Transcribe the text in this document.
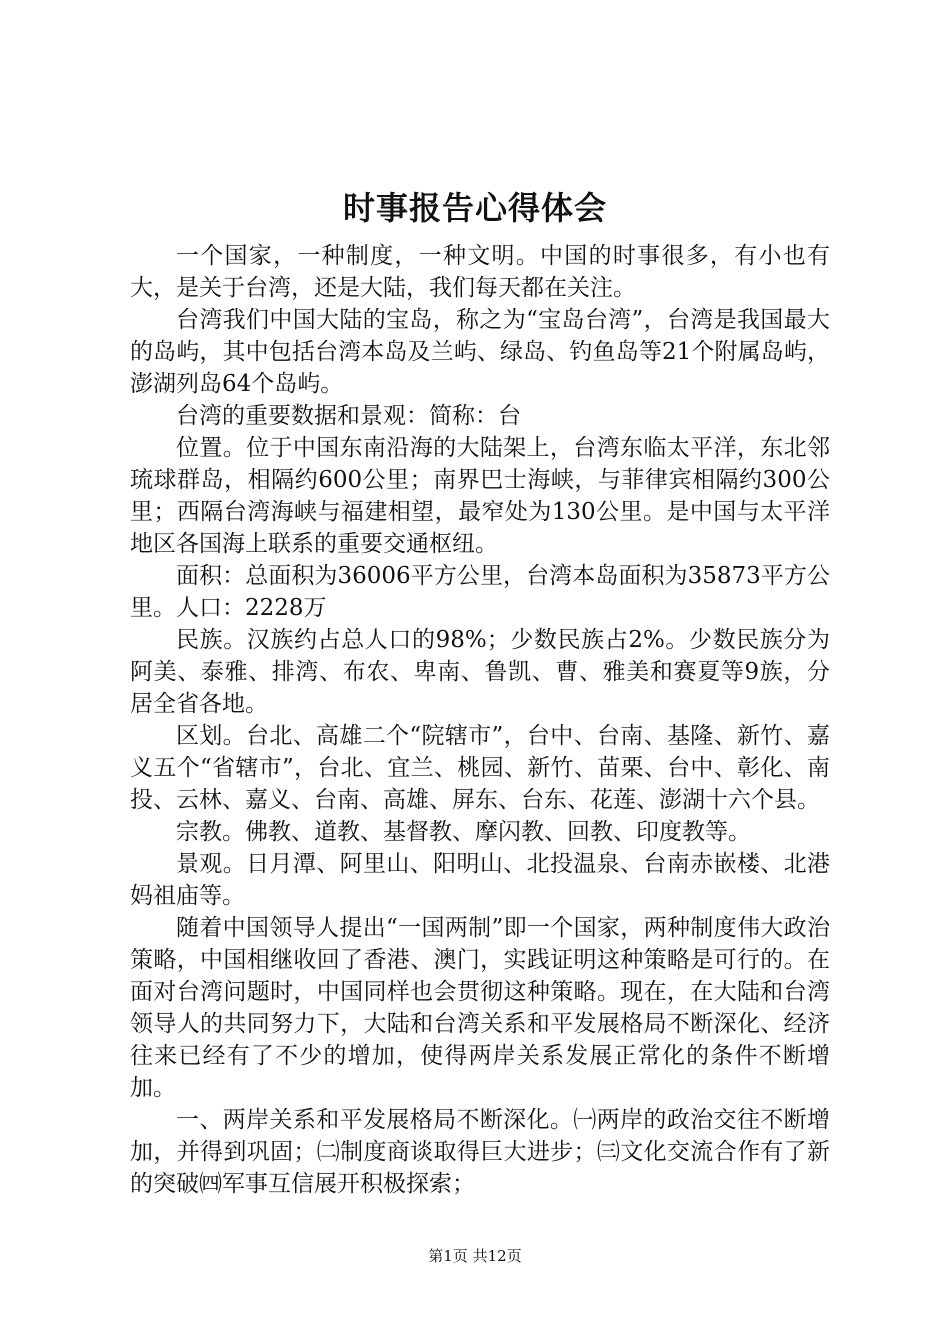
时事报告心得体会

一个国家，一种制度，一种文明。中国的时事很多，有小也有大，是关于台湾，还是大陆，我们每天都在关注。

台湾我们中国大陆的宝岛，称之为“宝岛台湾”，台湾是我国最大的岛屿，其中包括台湾本岛及兰屿、绿岛、钓鱼岛等21个附属岛屿，澎湖列岛64个岛屿。

台湾的重要数据和景观：简称：台

位置。位于中国东南沿海的大陆架上，台湾东临太平洋，东北邻琉球群岛，相隔约600公里；南界巴士海峡，与菲律宾相隔约300公里；西隔台湾海峡与福建相望，最窄处为130公里。是中国与太平洋地区各国海上联系的重要交通枢纽。

面积：总面积为36006平方公里，台湾本岛面积为35873平方公里。人口：2228万

民族。汉族约占总人口的98%；少数民族占2%。少数民族分为阿美、泰雅、排湾、布农、卑南、鲁凯、曹、雅美和赛夏等9族，分居全省各地。

区划。台北、高雄二个“院辖市”，台中、台南、基隆、新竹、嘉义五个“省辖市”，台北、宜兰、桃园、新竹、苗栗、台中、彰化、南投、云林、嘉义、台南、高雄、屏东、台东、花莲、澎湖十六个县。

宗教。佛教、道教、基督教、摩闪教、回教、印度教等。

景观。日月潭、阿里山、阳明山、北投温泉、台南赤嵌楼、北港妈祖庙等。

随着中国领导人提出“一国两制”即一个国家，两种制度伟大政治策略，中国相继收回了香港、澳门，实践证明这种策略是可行的。在面对台湾问题时，中国同样也会贯彻这种策略。现在，在大陆和台湾领导人的共同努力下，大陆和台湾关系和平发展格局不断深化、经济往来已经有了不少的增加，使得两岸关系发展正常化的条件不断增加。

一、两岸关系和平发展格局不断深化。㈠两岸的政治交往不断增加，并得到巩固；㈡制度商谈取得巨大进步；㈢文化交流合作有了新的突破㈣军事互信展开积极探索；

第1页 共12页
